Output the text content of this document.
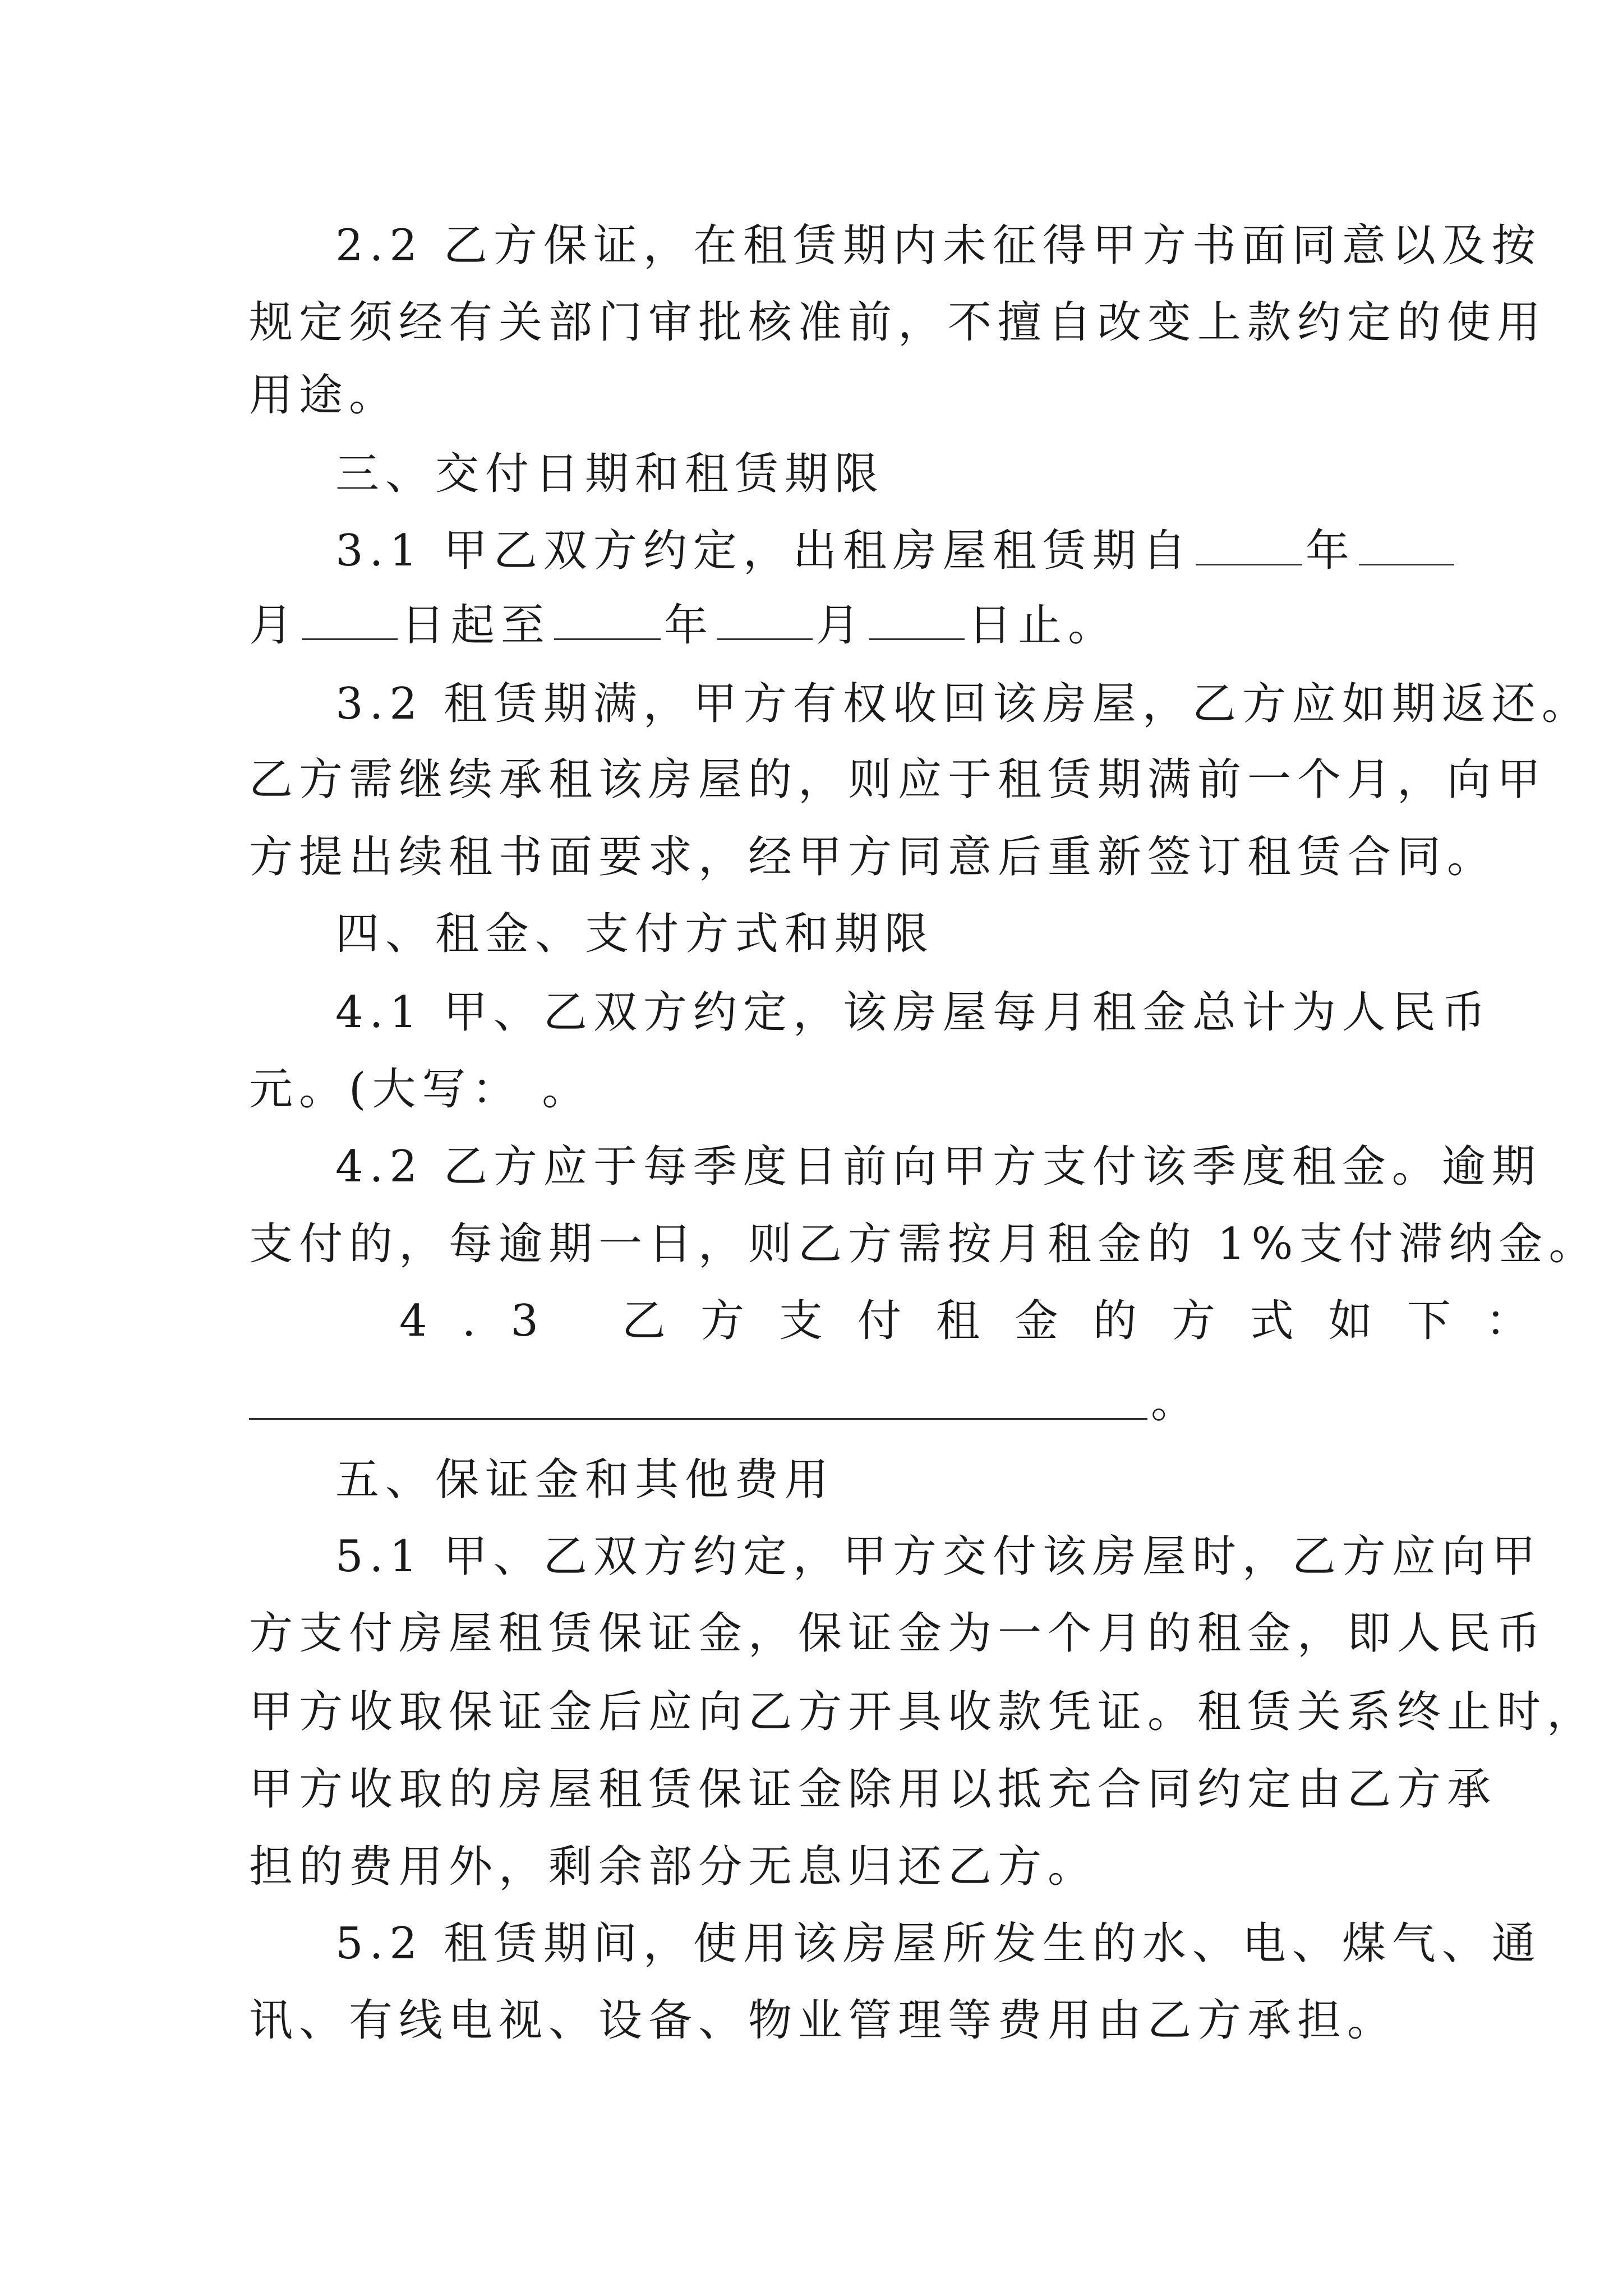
2.2 乙方保证，在租赁期内未征得甲方书面同意以及按
规定须经有关部门审批核准前，不擅自改变上款约定的使用
用途。
三、交付日期和租赁期限
3.1 甲乙双方约定，出租房屋租赁期自	年
月 日起至	年 月 日止。
3.2 租赁期满，甲方有权收回该房屋，乙方应如期返还。
乙方需继续承租该房屋的，则应于租赁期满前一个月，向甲
方提出续租书面要求，经甲方同意后重新签订租赁合同。
四、租金、支付方式和期限
4.1 甲、乙双方约定，该房屋每月租金总计为人民币
元。(大写： 。
4.2 乙方应于每季度日前向甲方支付该季度租金。逾期
支付的，每逾期一日，则乙方需按月租金的 1%支付滞纳金。
4.3 乙方支付租金的方式如下：
。
五、保证金和其他费用
5.1 甲、乙双方约定，甲方交付该房屋时，乙方应向甲
方支付房屋租赁保证金，保证金为一个月的租金，即人民币
甲方收取保证金后应向乙方开具收款凭证。租赁关系终止时，
甲方收取的房屋租赁保证金除用以抵充合同约定由乙方承
担的费用外，剩余部分无息归还乙方。
5.2 租赁期间，使用该房屋所发生的水、电、煤气、通
讯、有线电视、设备、物业管理等费用由乙方承担。
